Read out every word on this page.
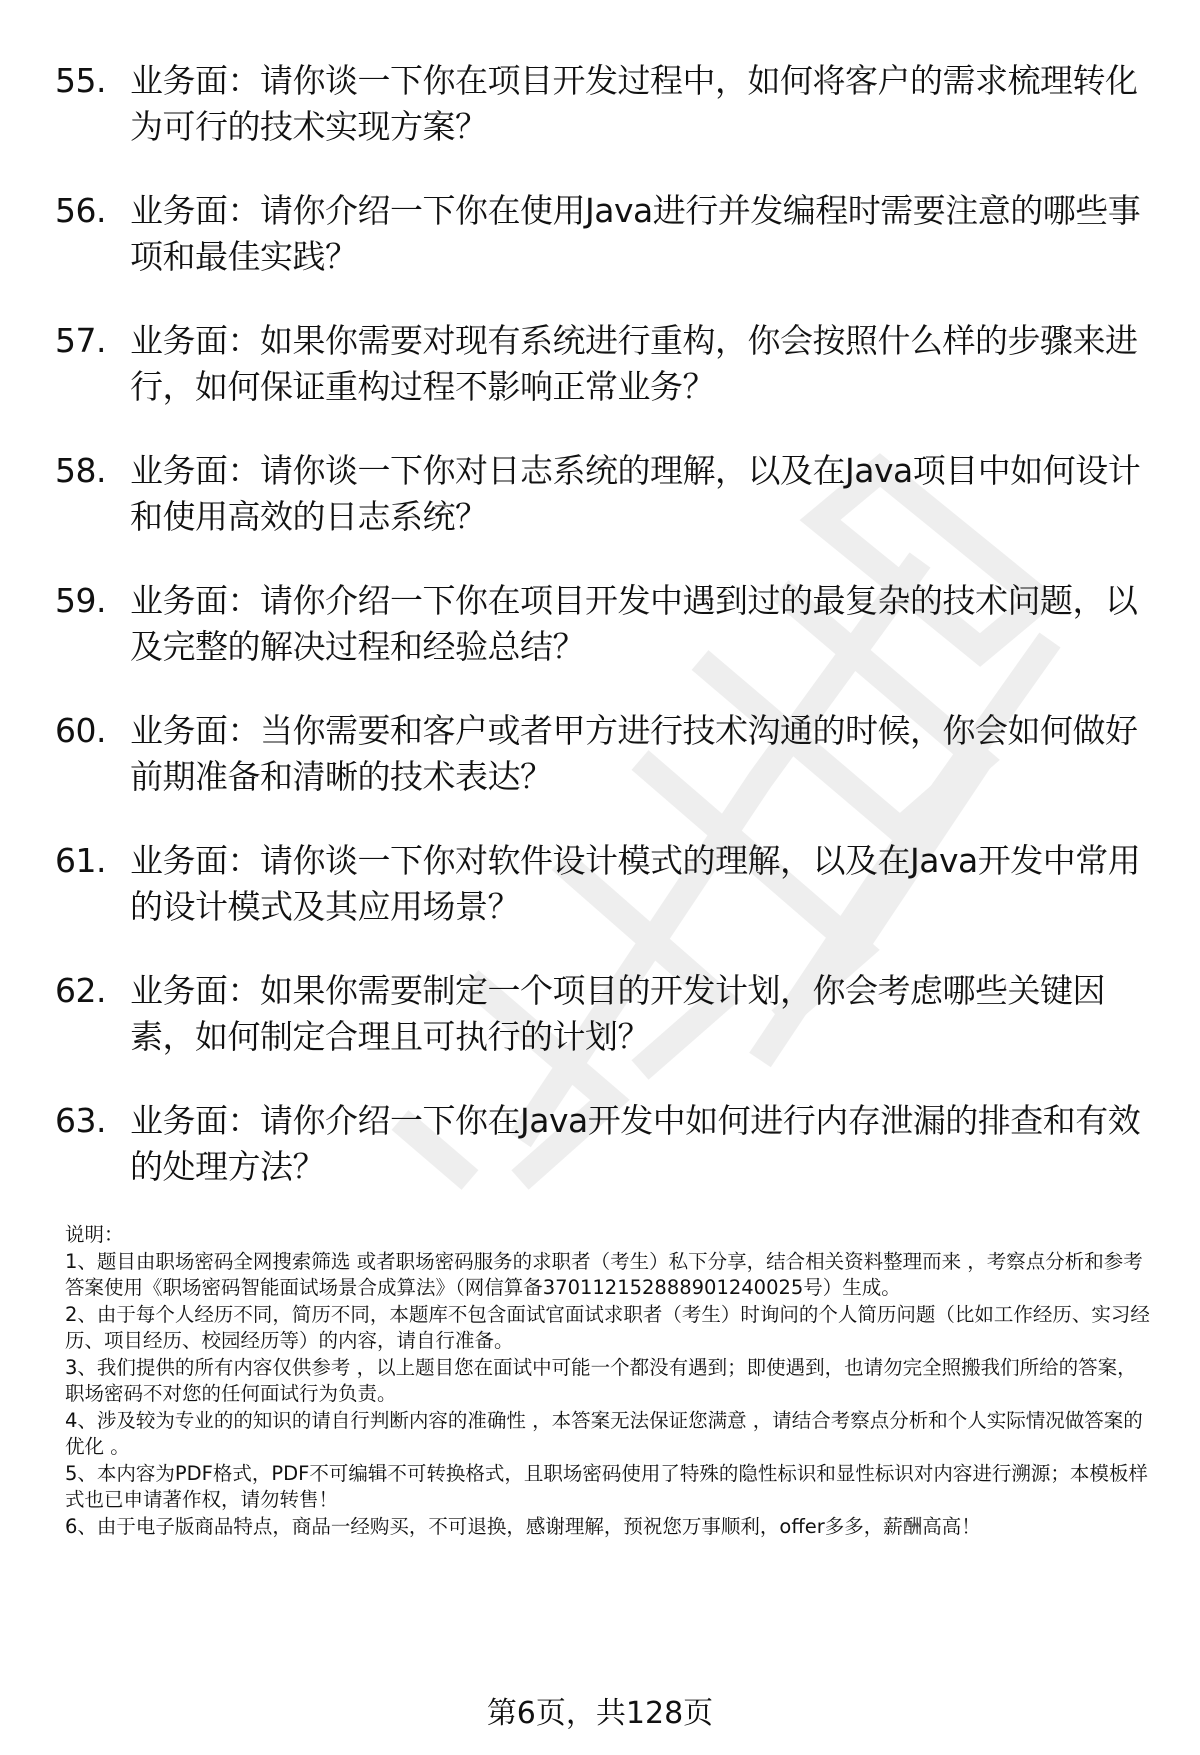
55. 业务面：请你谈一下你在项目开发过程中，如何将客户的需求梳理转化为可行的技术实现方案？
56. 业务面：请你介绍一下你在使用Java进行并发编程时需要注意的哪些事项和最佳实践？
57. 业务面：如果你需要对现有系统进行重构，你会按照什么样的步骤来进行，如何保证重构过程不影响正常业务？
58. 业务面：请你谈一下你对日志系统的理解，以及在Java项目中如何设计和使用高效的日志系统？
59. 业务面：请你介绍一下你在项目开发中遇到过的最复杂的技术问题，以及完整的解决过程和经验总结？
60. 业务面：当你需要和客户或者甲方进行技术沟通的时候，你会如何做好前期准备和清晰的技术表达？
61. 业务面：请你谈一下你对软件设计模式的理解，以及在Java开发中常用的设计模式及其应用场景？
62. 业务面：如果你需要制定一个项目的开发计划，你会考虑哪些关键因素，如何制定合理且可执行的计划？
63. 业务面：请你介绍一下你在Java开发中如何进行内存泄漏的排查和有效的处理方法？

说明：

1、题目由职场密码全网搜索筛选 或者职场密码服务的求职者（考生）私下分享，结合相关资料整理而来 ，考察点分析和参考答案使用《职场密码智能面试场景合成算法》（网信算备370112152888901240025号）生成。

2、由于每个人经历不同，简历不同，本题库不包含面试官面试求职者（考生）时询问的个人简历问题（比如工作经历、实习经历、项目经历、校园经历等）的内容，请自行准备。

3、我们提供的所有内容仅供参考 ，以上题目您在面试中可能一个都没有遇到；即使遇到，也请勿完全照搬我们所给的答案，职场密码不对您的任何面试行为负责。

4、涉及较为专业的的知识的请自行判断内容的准确性 ，本答案无法保证您满意 ，请结合考察点分析和个人实际情况做答案的优化 。

5、本内容为PDF格式，PDF不可编辑不可转换格式，且职场密码使用了特殊的隐性标识和显性标识对内容进行溯源；本模板样式也已申请著作权，请勿转售！

6、由于电子版商品特点，商品一经购买，不可退换，感谢理解，预祝您万事顺利，offer多多，薪酬高高！

第6页，共128页
